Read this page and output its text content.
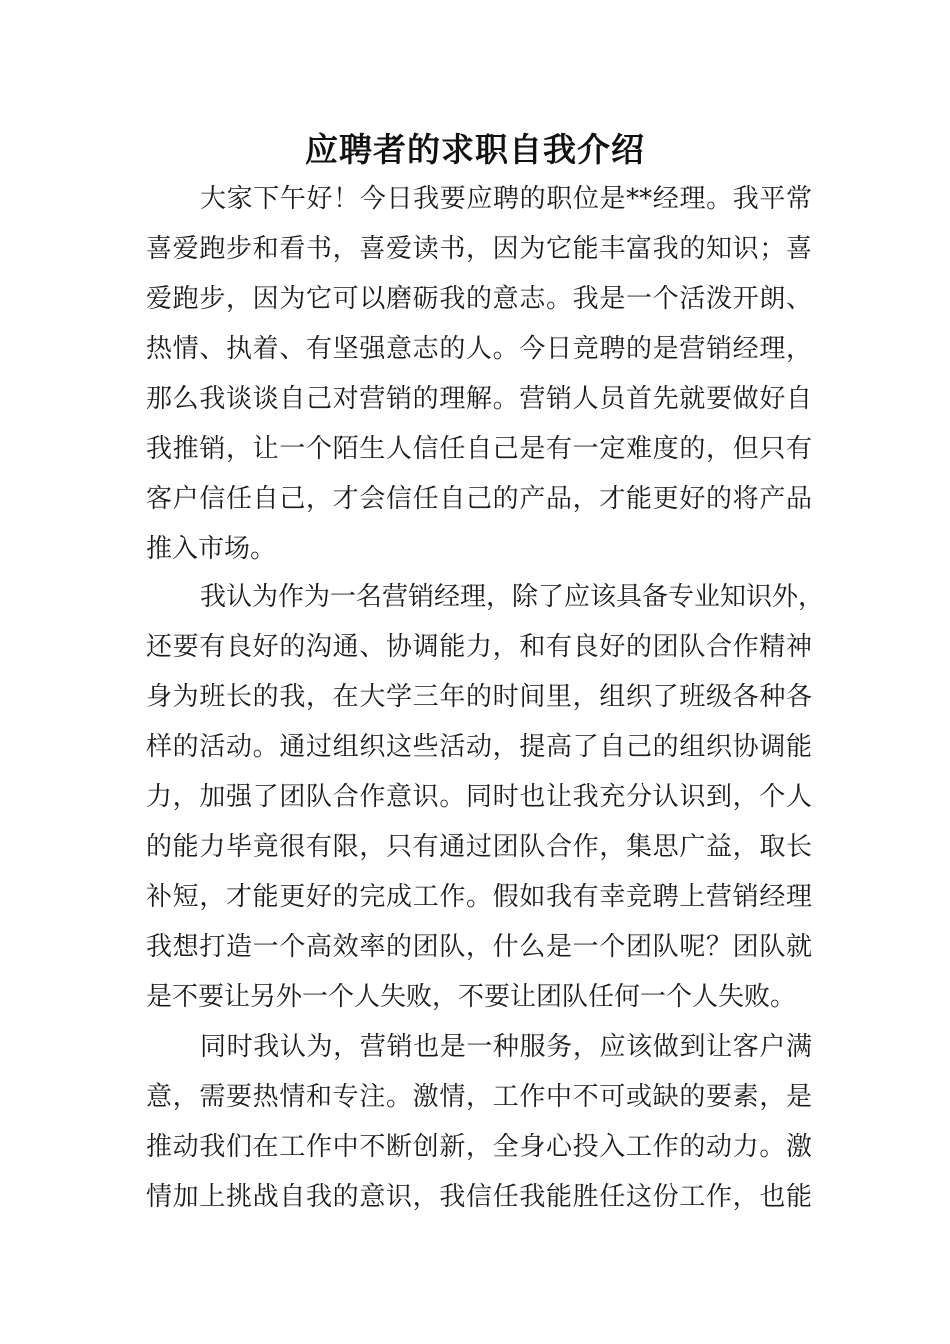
应聘者的求职自我介绍
大家下午好！今日我要应聘的职位是**经理。我平常
喜爱跑步和看书，喜爱读书，因为它能丰富我的知识；喜
爱跑步，因为它可以磨砺我的意志。我是一个活泼开朗、
热情、执着、有坚强意志的人。今日竞聘的是营销经理，
那么我谈谈自己对营销的理解。营销人员首先就要做好自
我推销，让一个陌生人信任自己是有一定难度的，但只有
客户信任自己，才会信任自己的产品，才能更好的将产品
推入市场。
我认为作为一名营销经理，除了应该具备专业知识外，
还要有良好的沟通、协调能力，和有良好的团队合作精神
身为班长的我，在大学三年的时间里，组织了班级各种各
样的活动。通过组织这些活动，提高了自己的组织协调能
力，加强了团队合作意识。同时也让我充分认识到，个人
的能力毕竟很有限，只有通过团队合作，集思广益，取长
补短，才能更好的完成工作。假如我有幸竞聘上营销经理
我想打造一个高效率的团队，什么是一个团队呢？团队就
是不要让另外一个人失败，不要让团队任何一个人失败。
同时我认为，营销也是一种服务，应该做到让客户满
意，需要热情和专注。激情，工作中不可或缺的要素，是
推动我们在工作中不断创新，全身心投入工作的动力。激
情加上挑战自我的意识，我信任我能胜任这份工作，也能
